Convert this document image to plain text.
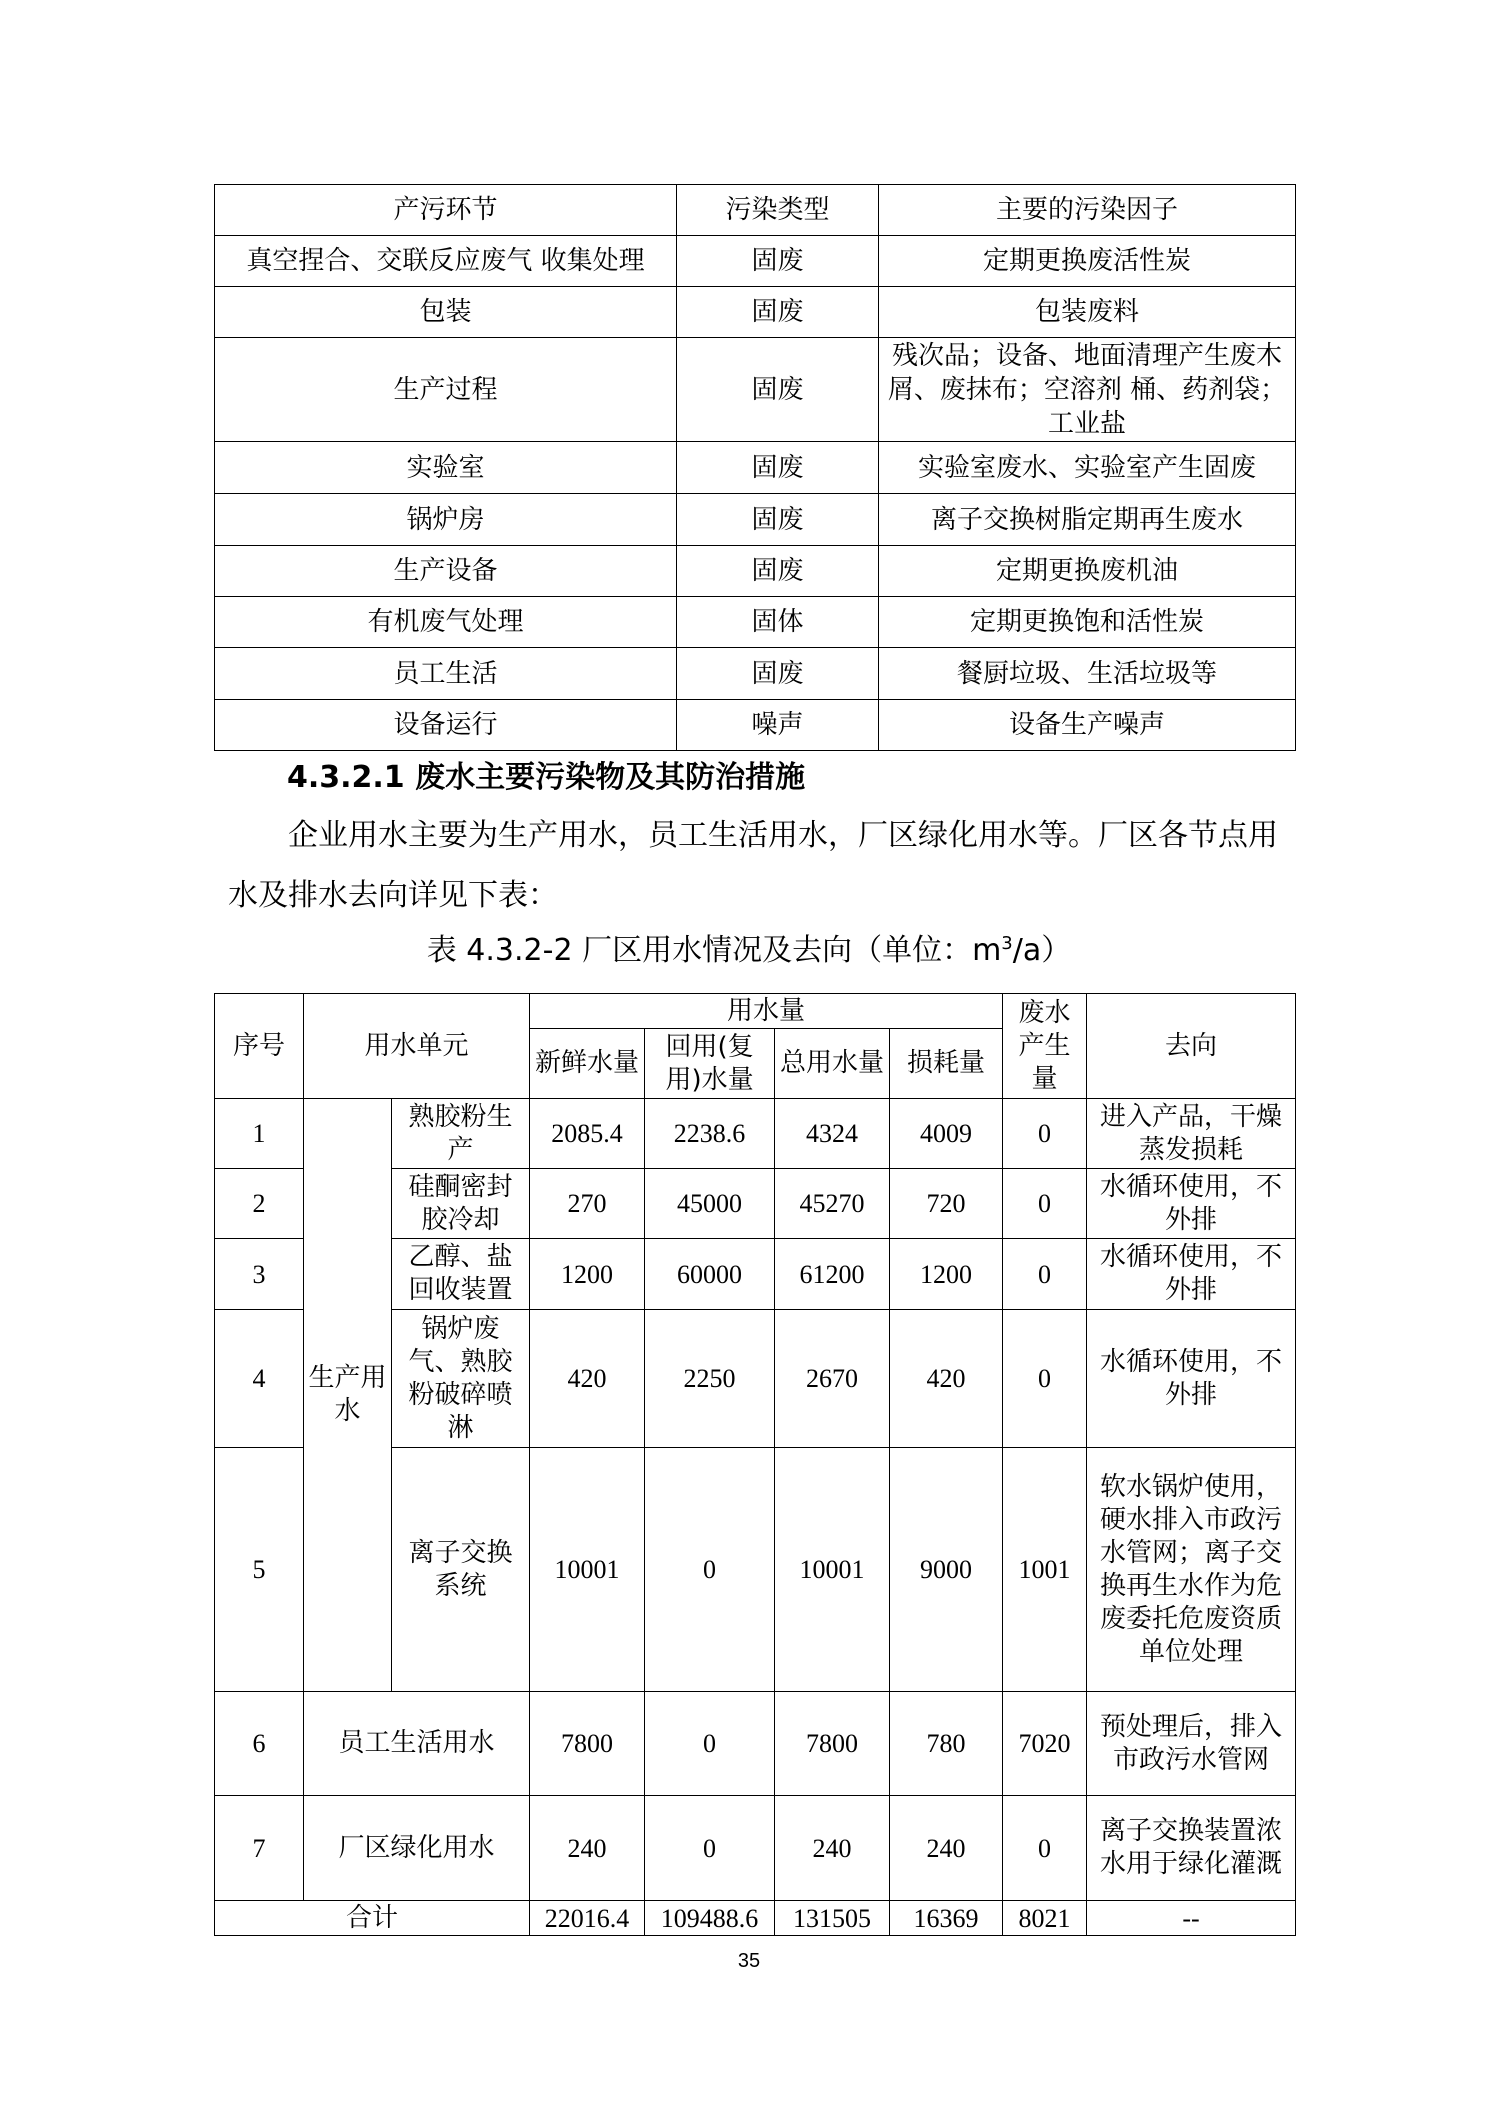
产污环节	污染类型	主要的污染因子
真空捏合、交联反应废气 收集处理	固废	定期更换废活性炭
包装	固废	包装废料
生产过程	固废	残次品；设备、地面清理产生废木屑、废抹布；空溶剂 桶、药剂袋；工业盐
实验室	固废	实验室废水、实验室产生固废
锅炉房	固废	离子交换树脂定期再生废水
生产设备	固废	定期更换废机油
有机废气处理	固体	定期更换饱和活性炭
员工生活	固废	餐厨垃圾、生活垃圾等
设备运行	噪声	设备生产噪声
4.3.2.1 废水主要污染物及其防治措施
企业用水主要为生产用水，员工生活用水，厂区绿化用水等。厂区各节点用水及排水去向详见下表：
表 4.3.2-2 厂区用水情况及去向（单位：$m^3/a$）
序号	用水单元		用水量				废水产生量	去向
			新鲜水量	回用(复用)水量	总用水量	损耗量		
1	生产用水	熟胶粉生产	2085.4	2238.6	4324	4009	0	进入产品，干燥蒸发损耗
2		硅酮密封胶冷却	270	45000	45270	720	0	水循环使用，不外排
3		乙醇、盐回收装置	1200	60000	61200	1200	0	水循环使用，不外排
4		锅炉废气、熟胶粉破碎喷淋	420	2250	2670	420	0	水循环使用，不外排
5		离子交换系统	10001	0	10001	9000	1001	软水锅炉使用，硬水排入市政污水管网；离子交换再生水作为危废委托危废资质单位处理
6	员工生活用水		7800	0	7800	780	7020	预处理后，排入市政污水管网
7	厂区绿化用水		240	0	240	240	0	离子交换装置浓水用于绿化灌溉
合计			22016.4	109488.6	131505	16369	8021	--
35
